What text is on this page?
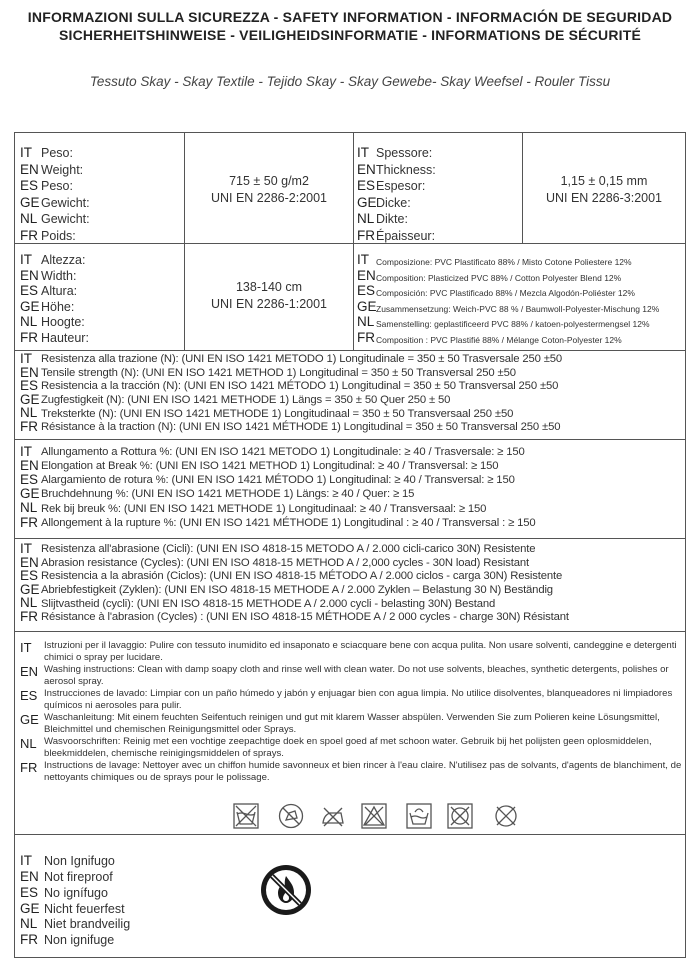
INFORMAZIONI SULLA SICUREZZA - SAFETY INFORMATION - INFORMACIÓN DE SEGURIDAD
SICHERHEITSHINWEISE - VEILIGHEIDSINFORMATIE - INFORMATIONS DE SÉCURITÉ
Tessuto Skay - Skay Textile - Tejido Skay - Skay Gewebe- Skay Weefsel - Rouler Tissu
IT Peso:
EN Weight:
ES Peso:
GE Gewicht:
NL Gewicht:
FR Poids:
715 ± 50 g/m2
UNI EN 2286-2:2001
IT Spessore:
EN Thickness:
ES Espesor:
GE Dicke:
NL Dikte:
FR Épaisseur:
1,15 ± 0,15 mm
UNI EN 2286-3:2001
IT Altezza:
EN Width:
ES Altura:
GE Höhe:
NL Hoogte:
FR Hauteur:
138-140 cm
UNI EN 2286-1:2001
IT Composizione: PVC Plastificato 88% / Misto Cotone Poliestere 12%
EN Composition: Plasticized PVC 88% / Cotton Polyester Blend 12%
ES Composición: PVC Plastificado 88% / Mezcla Algodón-Poliéster 12%
GE Zusammensetzung: Weich-PVC 88 % / Baumwoll-Polyester-Mischung 12%
NL Samenstelling: geplastificeerd PVC 88% / katoen-polyestermengsel 12%
FR Composition : PVC Plastifié 88% / Mélange Coton-Polyester 12%
IT Resistenza alla trazione (N): (UNI EN ISO 1421 METODO 1) Longitudinale = 350 ± 50 Trasversale 250 ±50
EN Tensile strength (N): (UNI EN ISO 1421 METHOD 1) Longitudinal = 350 ± 50 Transversal 250 ±50
ES Resistencia a la tracción (N): (UNI EN ISO 1421 MÉTODO 1) Longitudinal = 350 ± 50 Transversal 250 ±50
GE Zugfestigkeit (N): (UNI EN ISO 1421 METHODE 1) Längs = 350 ± 50 Quer 250 ± 50
NL Treksterkte (N): (UNI EN ISO 1421 METHODE 1) Longitudinaal = 350 ± 50 Transversaal 250 ±50
FR Résistance à la traction (N): (UNI EN ISO 1421 MÉTHODE 1) Longitudinal = 350 ± 50 Transversal 250 ±50
IT Allungamento a Rottura %: (UNI EN ISO 1421 METODO 1) Longitudinale: ≥ 40 / Trasversale: ≥ 150
EN Elongation at Break %: (UNI EN ISO 1421 METHOD 1) Longitudinal: ≥ 40 / Transversal: ≥ 150
ES Alargamiento de rotura %: (UNI EN ISO 1421 MÉTODO 1) Longitudinal: ≥ 40 / Transversal: ≥ 150
GE Bruchdehnung %: (UNI EN ISO 1421 METHODE 1) Längs: ≥ 40 / Quer: ≥ 15
NL Rek bij breuk %: (UNI EN ISO 1421 METHODE 1) Longitudinaal: ≥ 40 / Transversaal: ≥ 150
FR Allongement à la rupture %: (UNI EN ISO 1421 MÉTHODE 1) Longitudinal : ≥ 40 / Transversal : ≥ 150
IT Resistenza all'abrasione (Cicli): (UNI EN ISO 4818-15 METODO A / 2.000 cicli-carico 30N) Resistente
EN Abrasion resistance (Cycles): (UNI EN ISO 4818-15 METHOD A / 2,000 cycles - 30N load) Resistant
ES Resistencia a la abrasión (Ciclos): (UNI EN ISO 4818-15 MÉTODO A / 2.000 ciclos - carga 30N) Resistente
GE Abriebfestigkeit (Zyklen): (UNI EN ISO 4818-15 METHODE A / 2.000 Zyklen – Belastung 30 N) Beständig
NL Slijtvastheid (cycli): (UNI EN ISO 4818-15 METHODE A / 2.000 cycli - belasting 30N) Bestand
FR Résistance à l'abrasion (Cycles) : (UNI EN ISO 4818-15 MÉTHODE A / 2 000 cycles - charge 30N) Résistant
IT	Istruzioni per il lavaggio: Pulire con tessuto inumidito ed insaponato e sciacquare bene con acqua pulita. Non usare solventi, candeggine e detergenti chimici o spray per lucidare.
EN Washing instructions: Clean with damp soapy cloth and rinse well with clean water. Do not use solvents, bleaches, synthetic detergents, polishes or aerosol spray.
ES Instrucciones de lavado: Limpiar con un paño húmedo y jabón y enjuagar bien con agua limpia. No utilice disolventes, blanqueadores ni limpiadores químicos ni aerosoles para pulir.
GE Waschanleitung: Mit einem feuchten Seifentuch reinigen und gut mit klarem Wasser abspülen. Verwenden Sie zum Polieren keine Lösungsmittel, Bleichmittel und chemischen Reinigungsmittel oder Sprays.
NL Wasvoorschriften: Reinig met een vochtige zeepachtige doek en spoel goed af met schoon water. Gebruik bij het polijsten geen oplosmiddelen, bleekmiddelen, chemische reinigingsmiddelen of sprays.
FR Instructions de lavage: Nettoyer avec un chiffon humide savonneux et bien rincer à l'eau claire. N'utilisez pas de solvants, d'agents de blanchiment, de nettoyants chimiques ou de sprays pour le polissage.
IT Non Ignifugo
EN Not fireproof
ES No ignífugo
GE Nicht feuerfest
NL Niet brandveilig
FR Non ignifuge
